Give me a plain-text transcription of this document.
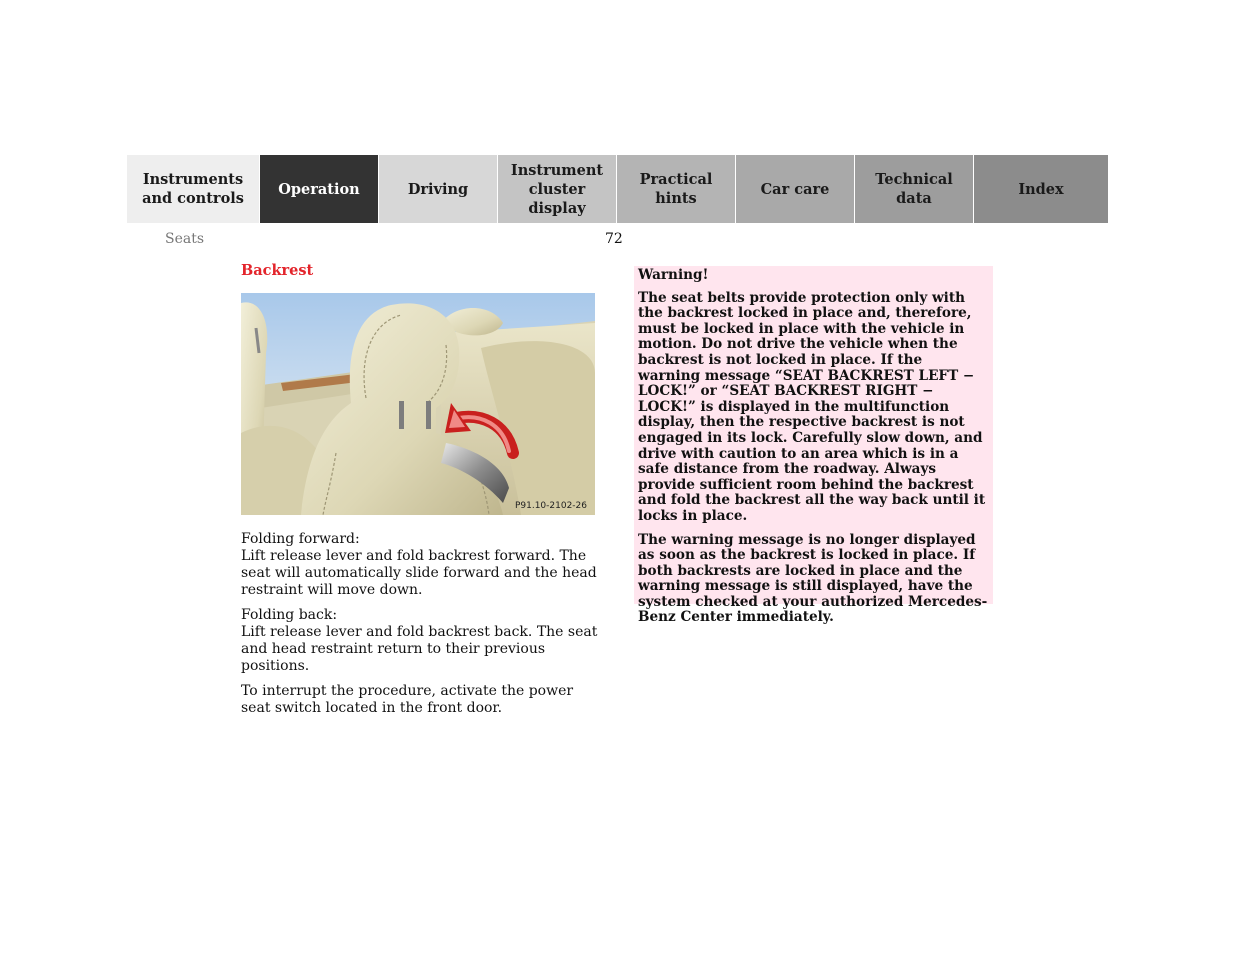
Instruments
and controls
Operation	Driving
Instrument
cluster display
Practical hints
Car care
Technical
data
Index
Seats	72
Backrest
P91.10-2102-26

Folding forward:
Lift release lever and fold backrest forward. The seat will automatically slide forward and the head restraint will move down.

Folding back:
Lift release lever and fold backrest back. The seat and head restraint return to their previous positions.

To interrupt the procedure, activate the power seat switch located in the front door.

Warning!

The seat belts provide protection only with the backrest locked in place and, therefore, must be locked in place with the vehicle in motion. Do not drive the vehicle when the backrest is not locked in place. If the warning message “SEAT BACKREST LEFT − LOCK!” or “SEAT BACKREST RIGHT − LOCK!” is displayed in the multifunction display, then the respective backrest is not engaged in its lock. Carefully slow down, and drive with caution to an area which is in a safe distance from the roadway. Always provide sufficient room behind the backrest and fold the backrest all the way back until it locks in place.

The warning message is no longer displayed as soon as the backrest is locked in place. If both backrests are locked in place and the warning message is still displayed, have the system checked at your authorized Mercedes-Benz Center immediately.
